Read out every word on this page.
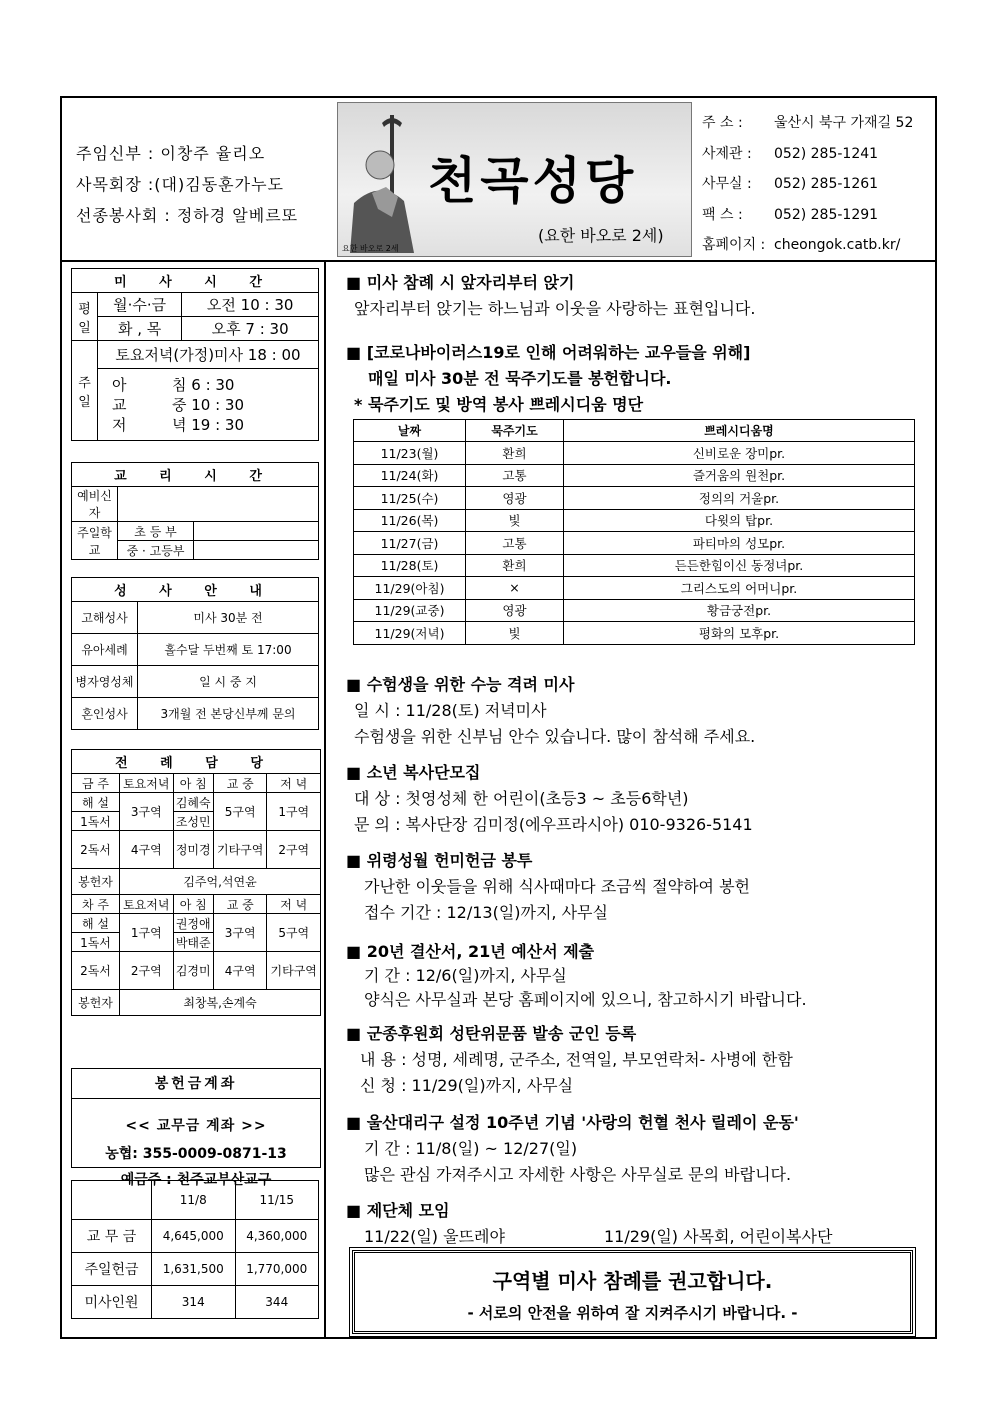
주임신부 : 이창주 율리오
사목회장 :(대)김동훈가누도
선종봉사회 : 정하경 알베르또
천곡성당
(요한 바오로 2세)
요한 바오로 2세
주 소 : 울산시 북구 가재길 52
사제관 : 052) 285-1241
사무실 : 052) 285-1261
팩 스 : 052) 285-1291
홈페이지 : cheongok.catb.kr/
미 사 시 간		
평일	월·수·금	오전 10 : 30
	화 , 목	오후 7 : 30
주일	토요저녁(가정)미사 18 : 00	

	아 침 6 : 30
교 중 10 : 30
저 녁 19 : 30	
교 리 시 간		
예비신자		
주일학교	초 등 부	
	중 · 고등부	
성 사 안 내	
고해성사	미사 30분 전
유아세례	홀수달 두번째 토 17:00
병자영성체	일 시 중 지
혼인성사	3개월 전 본당신부께 문의
전 례 담 당				
금 주	토요저녁	아 침	교 중	저 녁
해 설	3구역	김혜숙	5구역	1구역
1독서		조성민		
2독서	4구역	정미경	기타구역	2구역
봉헌자	김주억,석연윤			
차 주	토요저녁	아 침	교 중	저 녁
해 설	1구역	권정애	3구역	5구역
1독서		박태준		
2독서	2구역	김경미	4구역	기타구역
봉헌자	최창복,손계숙			
봉헌금계좌
<< 교무금 계좌 >>
농협: 355-0009-0871-13
예금주 : 천주교부산교구
	11/8	11/15
교 무 금	4,645,000	4,360,000
주일헌금	1,631,500	1,770,000
미사인원	314	344

■ 미사 참례 시 앞자리부터 앉기

앞자리부터 앉기는 하느님과 이웃을 사랑하는 표현입니다.

■ [코로나바이러스19로 인해 어려워하는 교우들을 위해]

매일 미사 30분 전 묵주기도를 봉헌합니다.

* 묵주기도 및 방역 봉사 쁘레시디움 명단

날짜	묵주기도	쁘레시디움명
11/23(월)	환희	신비로운 장미pr.
11/24(화)	고통	즐거움의 원천pr.
11/25(수)	영광	정의의 거울pr.
11/26(목)	빛	다윗의 탑pr.
11/27(금)	고통	파티마의 성모pr.
11/28(토)	환희	든든한힘이신 동정녀pr.
11/29(아침)	×	그리스도의 어머니pr.
11/29(교중)	영광	황금궁전pr.
11/29(저녁)	빛	평화의 모후pr.

■ 수험생을 위한 수능 격려 미사

일 시 : 11/28(토) 저녁미사

수험생을 위한 신부님 안수 있습니다. 많이 참석해 주세요.

■ 소년 복사단모집

대 상 : 첫영성체 한 어린이(초등3 ~ 초등6학년)

문 의 : 복사단장 김미정(에우프라시아) 010-9326-5141

■ 위령성월 헌미헌금 봉투

가난한 이웃들을 위해 식사때마다 조금씩 절약하여 봉헌

접수 기간 : 12/13(일)까지, 사무실

■ 20년 결산서, 21년 예산서 제출

기 간 : 12/6(일)까지, 사무실

양식은 사무실과 본당 홈페이지에 있으니, 참고하시기 바랍니다.

■ 군종후원회 성탄위문품 발송 군인 등록

내 용 : 성명, 세례명, 군주소, 전역일, 부모연락처- 사병에 한함

신 청 : 11/29(일)까지, 사무실

■ 울산대리구 설정 10주년 기념 '사랑의 헌혈 천사 릴레이 운동'

기 간 : 11/8(일) ~ 12/27(일)

많은 관심 가져주시고 자세한 사항은 사무실로 문의 바랍니다.

■ 제단체 모임

11/22(일) 울뜨레야	11/29(일) 사목회, 어린이복사단

구역별 미사 참례를 권고합니다.
- 서로의 안전을 위하여 잘 지켜주시기 바랍니다. -
